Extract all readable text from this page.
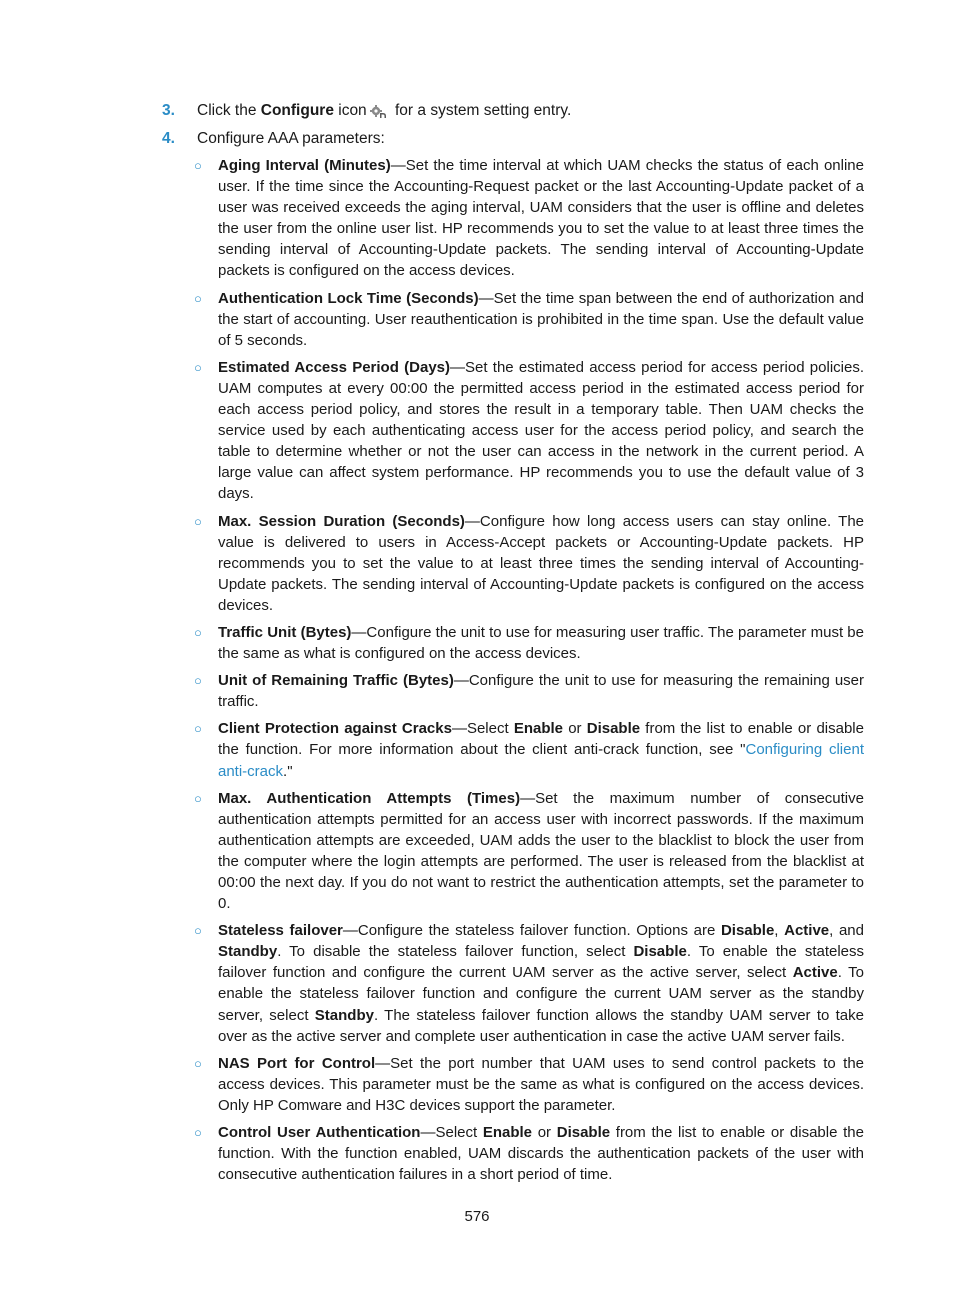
3. Click the Configure icon for a system setting entry.
4. Configure AAA parameters:
○ Aging Interval (Minutes)—Set the time interval at which UAM checks the status of each online user. If the time since the Accounting-Request packet or the last Accounting-Update packet of a user was received exceeds the aging interval, UAM considers that the user is offline and deletes the user from the online user list. HP recommends you to set the value to at least three times the sending interval of Accounting-Update packets. The sending interval of Accounting-Update packets is configured on the access devices.
○ Authentication Lock Time (Seconds)—Set the time span between the end of authorization and the start of accounting. User reauthentication is prohibited in the time span. Use the default value of 5 seconds.
○ Estimated Access Period (Days)—Set the estimated access period for access period policies. UAM computes at every 00:00 the permitted access period in the estimated access period for each access period policy, and stores the result in a temporary table. Then UAM checks the service used by each authenticating access user for the access period policy, and search the table to determine whether or not the user can access in the network in the current period. A large value can affect system performance. HP recommends you to use the default value of 3 days.
○ Max. Session Duration (Seconds)—Configure how long access users can stay online. The value is delivered to users in Access-Accept packets or Accounting-Update packets. HP recommends you to set the value to at least three times the sending interval of Accounting-Update packets. The sending interval of Accounting-Update packets is configured on the access devices.
○ Traffic Unit (Bytes)—Configure the unit to use for measuring user traffic. The parameter must be the same as what is configured on the access devices.
○ Unit of Remaining Traffic (Bytes)—Configure the unit to use for measuring the remaining user traffic.
○ Client Protection against Cracks—Select Enable or Disable from the list to enable or disable the function. For more information about the client anti-crack function, see "Configuring client anti-crack."
○ Max. Authentication Attempts (Times)—Set the maximum number of consecutive authentication attempts permitted for an access user with incorrect passwords. If the maximum authentication attempts are exceeded, UAM adds the user to the blacklist to block the user from the computer where the login attempts are performed. The user is released from the blacklist at 00:00 the next day. If you do not want to restrict the authentication attempts, set the parameter to 0.
○ Stateless failover—Configure the stateless failover function. Options are Disable, Active, and Standby. To disable the stateless failover function, select Disable. To enable the stateless failover function and configure the current UAM server as the active server, select Active. To enable the stateless failover function and configure the current UAM server as the standby server, select Standby. The stateless failover function allows the standby UAM server to take over as the active server and complete user authentication in case the active UAM server fails.
○ NAS Port for Control—Set the port number that UAM uses to send control packets to the access devices. This parameter must be the same as what is configured on the access devices. Only HP Comware and H3C devices support the parameter.
○ Control User Authentication—Select Enable or Disable from the list to enable or disable the function. With the function enabled, UAM discards the authentication packets of the user with consecutive authentication failures in a short period of time.
576
